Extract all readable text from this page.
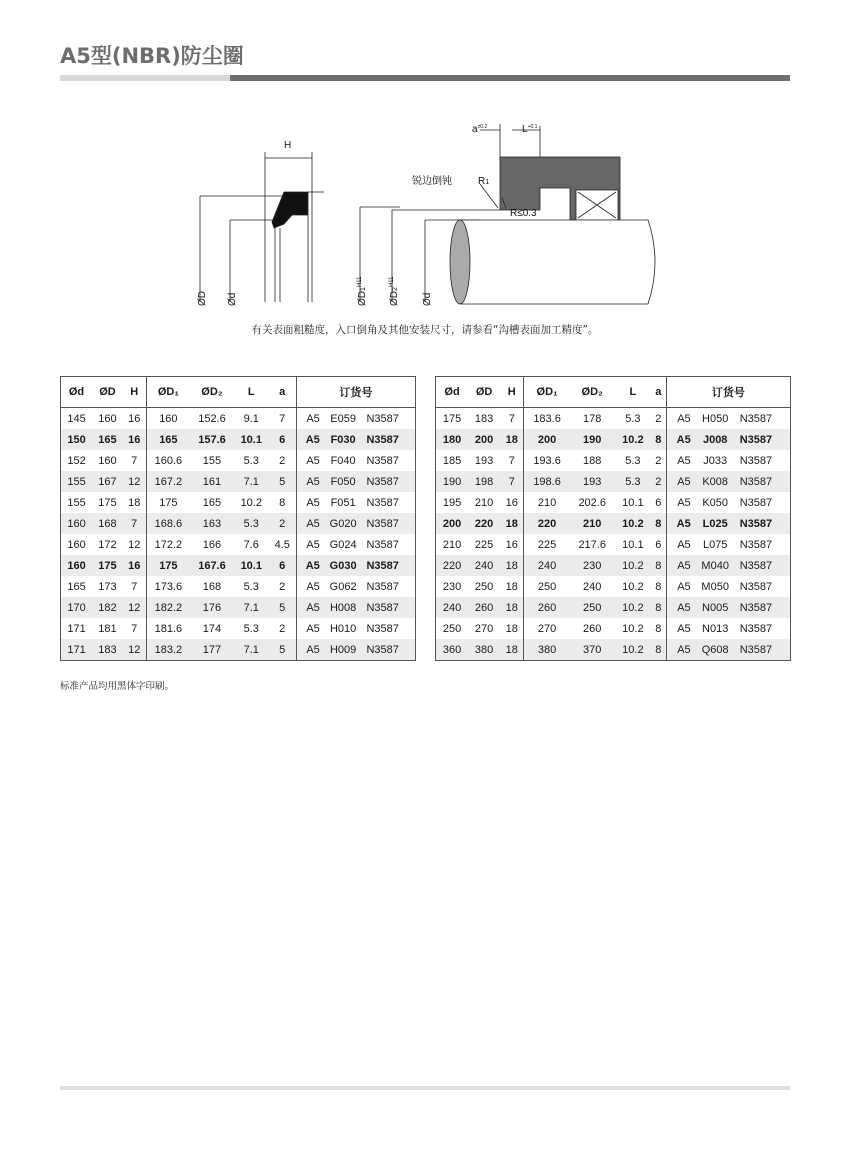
A5型(NBR)防尘圈
H
ØD Ød	$ØD1^{H11}$
$ØD2^{H11}$
Ød
$a^{\pm 0.2}$	$L^{+0.1}$
R1
R≤0.3
锐边倒钝
有关表面粗糙度，入口倒角及其他安装尺寸，请参看“沟槽表面加工精度”。
Ød	ØD	H	ØD₁	ØD₂	L	a	订货号		
145	160	16	160	152.6	9.1	7	A5	E059	N3587
150	165	16	165	157.6	10.1	6	A5	F030	N3587
152	160	7	160.6	155	5.3	2	A5	F040	N3587
155	167	12	167.2	161	7.1	5	A5	F050	N3587
155	175	18	175	165	10.2	8	A5	F051	N3587
160	168	7	168.6	163	5.3	2	A5	G020	N3587
160	172	12	172.2	166	7.6	4.5	A5	G024	N3587
160	175	16	175	167.6	10.1	6	A5	G030	N3587
165	173	7	173.6	168	5.3	2	A5	G062	N3587
170	182	12	182.2	176	7.1	5	A5	H008	N3587
171	181	7	181.6	174	5.3	2	A5	H010	N3587
171	183	12	183.2	177	7.1	5	A5	H009	N3587
Ød	ØD	H	ØD₁	ØD₂	L	a	订货号		
175	183	7	183.6	178	5.3	2	A5	H050	N3587
180	200	18	200	190	10.2	8	A5	J008	N3587
185	193	7	193.6	188	5.3	2	A5	J033	N3587
190	198	7	198.6	193	5.3	2	A5	K008	N3587
195	210	16	210	202.6	10.1	6	A5	K050	N3587
200	220	18	220	210	10.2	8	A5	L025	N3587
210	225	16	225	217.6	10.1	6	A5	L075	N3587
220	240	18	240	230	10.2	8	A5	M040	N3587
230	250	18	250	240	10.2	8	A5	M050	N3587
240	260	18	260	250	10.2	8	A5	N005	N3587
250	270	18	270	260	10.2	8	A5	N013	N3587
360	380	18	380	370	10.2	8	A5	Q608	N3587
标准产品均用黑体字印刷。
